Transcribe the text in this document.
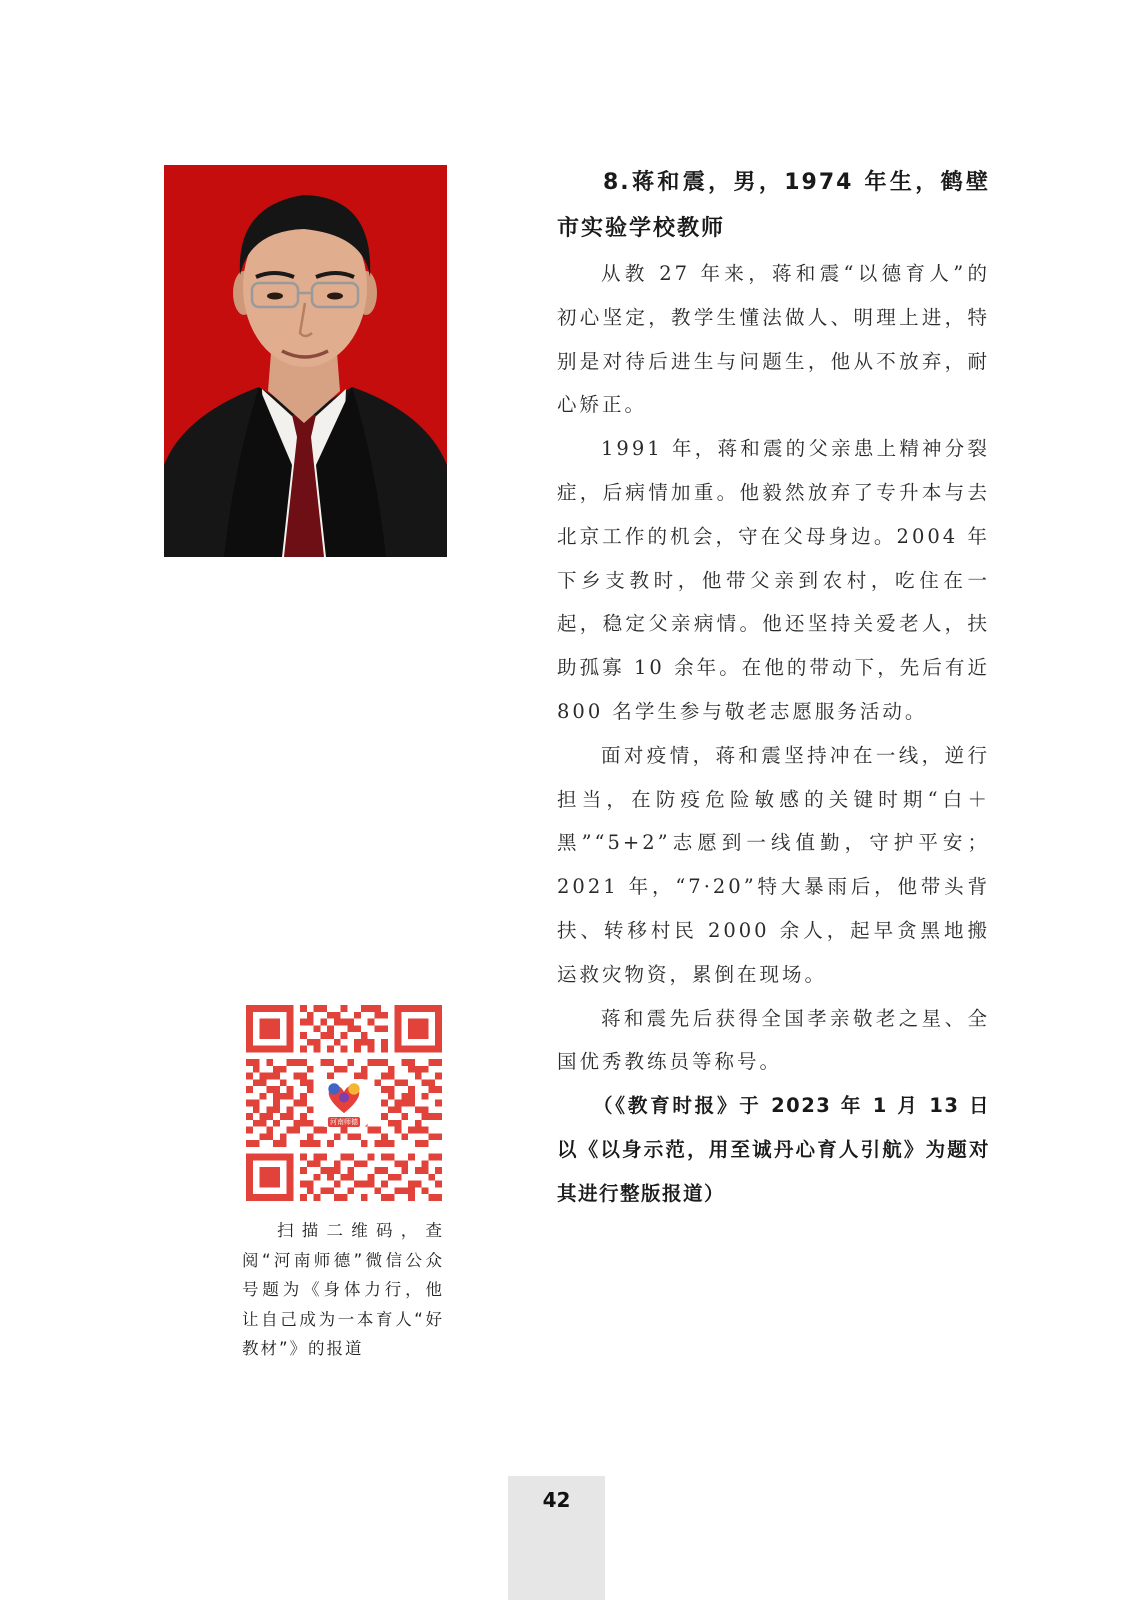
8.蒋和震，男，1974 年生，鹤壁市实验学校教师

从教 27 年来，蒋和震“以德育人”的初心坚定，教学生懂法做人、明理上进，特别是对待后进生与问题生，他从不放弃，耐心矫正。

1991 年，蒋和震的父亲患上精神分裂症，后病情加重。他毅然放弃了专升本与去北京工作的机会，守在父母身边。2004 年下乡支教时，他带父亲到农村，吃住在一起，稳定父亲病情。他还坚持关爱老人，扶助孤寡 10 余年。在他的带动下，先后有近 800 名学生参与敬老志愿服务活动。

面对疫情，蒋和震坚持冲在一线，逆行担当，在防疫危险敏感的关键时期“白＋黑”“5+2”志愿到一线值勤，守护平安；2021 年，“7·20”特大暴雨后，他带头背扶、转移村民 2000 余人，起早贪黑地搬运救灾物资，累倒在现场。

蒋和震先后获得全国孝亲敬老之星、全国优秀教练员等称号。

（《教育时报》于 2023 年 1 月 13 日以《以身示范，用至诚丹心育人引航》为题对其进行整版报道）

河南师德

扫描二维码，查阅“河南师德”微信公众号题为《身体力行，他让自己成为一本育人“好教材”》的报道

42
